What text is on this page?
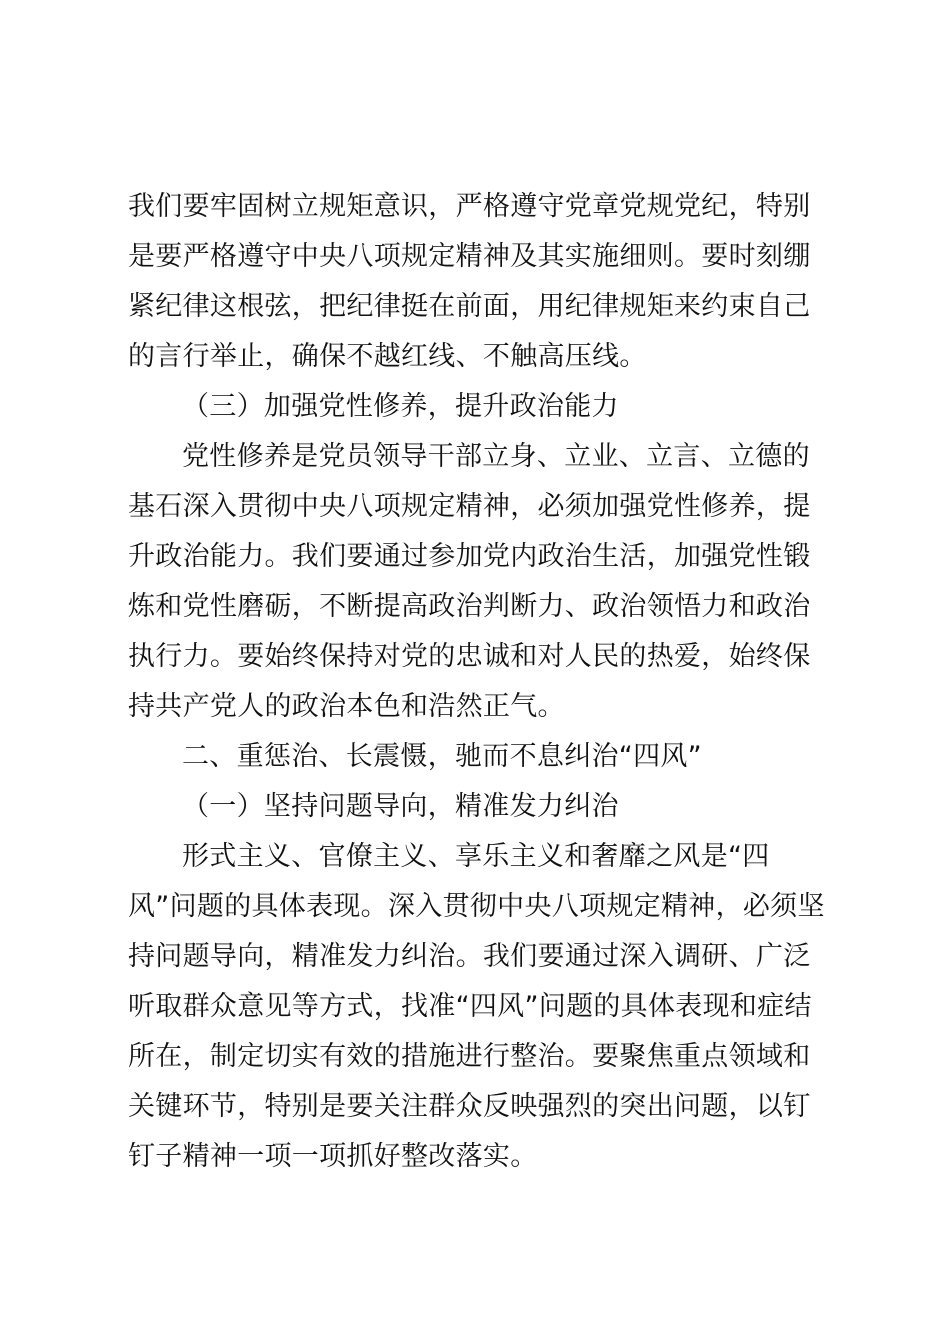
我们要牢固树立规矩意识，严格遵守党章党规党纪，特别是要严格遵守中央八项规定精神及其实施细则。要时刻绷紧纪律这根弦，把纪律挺在前面，用纪律规矩来约束自己的言行举止，确保不越红线、不触高压线。

（三）加强党性修养，提升政治能力

党性修养是党员领导干部立身、立业、立言、立德的基石深入贯彻中央八项规定精神，必须加强党性修养，提升政治能力。我们要通过参加党内政治生活，加强党性锻炼和党性磨砺，不断提高政治判断力、政治领悟力和政治执行力。要始终保持对党的忠诚和对人民的热爱，始终保持共产党人的政治本色和浩然正气。

二、重惩治、长震慑，驰而不息纠治“四风”

（一）坚持问题导向，精准发力纠治

形式主义、官僚主义、享乐主义和奢靡之风是“四风”问题的具体表现。深入贯彻中央八项规定精神，必须坚持问题导向，精准发力纠治。我们要通过深入调研、广泛听取群众意见等方式，找准“四风”问题的具体表现和症结所在，制定切实有效的措施进行整治。要聚焦重点领域和关键环节，特别是要关注群众反映强烈的突出问题，以钉钉子精神一项一项抓好整改落实。
